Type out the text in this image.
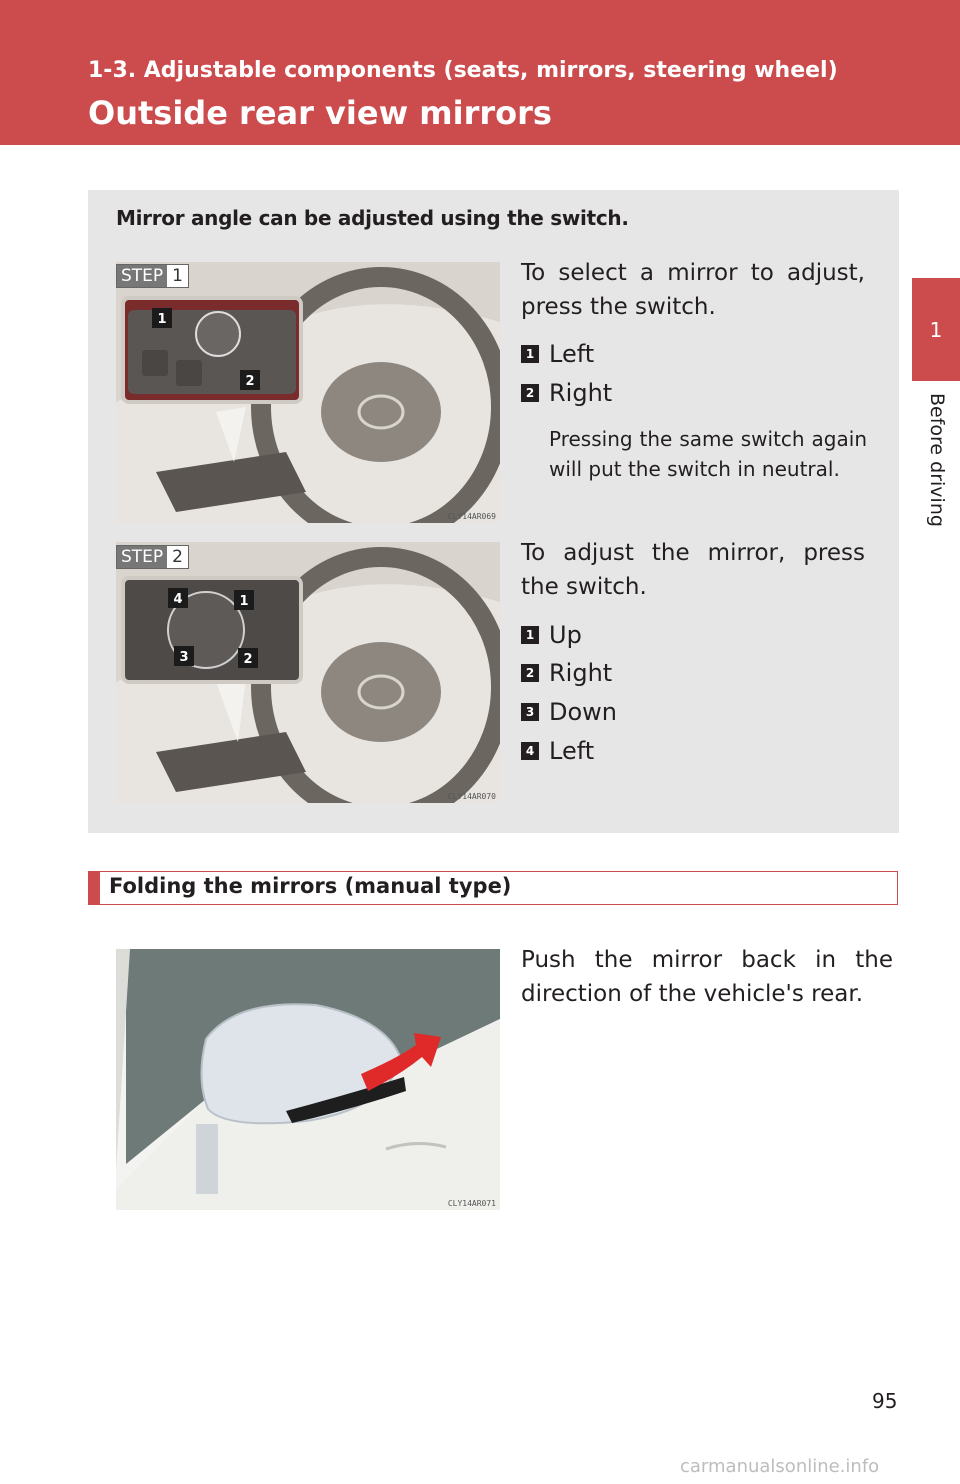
1-3. Adjustable components (seats, mirrors, steering wheel)
Outside rear view mirrors
1
Before driving
Mirror angle can be adjusted using the switch.
1
2
CLY14AR069
STEP 1	To select a mirror to adjust, press the switch.
1 Left
2 Right
Pressing the same switch again will put the switch in neutral.
4	1
3	2
CLY14AR070
STEP 2	To adjust the mirror, press the switch.
1 Up
2 Right
3 Down
4 Left
Folding the mirrors (manual type)
CLY14AR071
Push the mirror back in the direction of the vehicle's rear.
95
carmanualsonline.info
